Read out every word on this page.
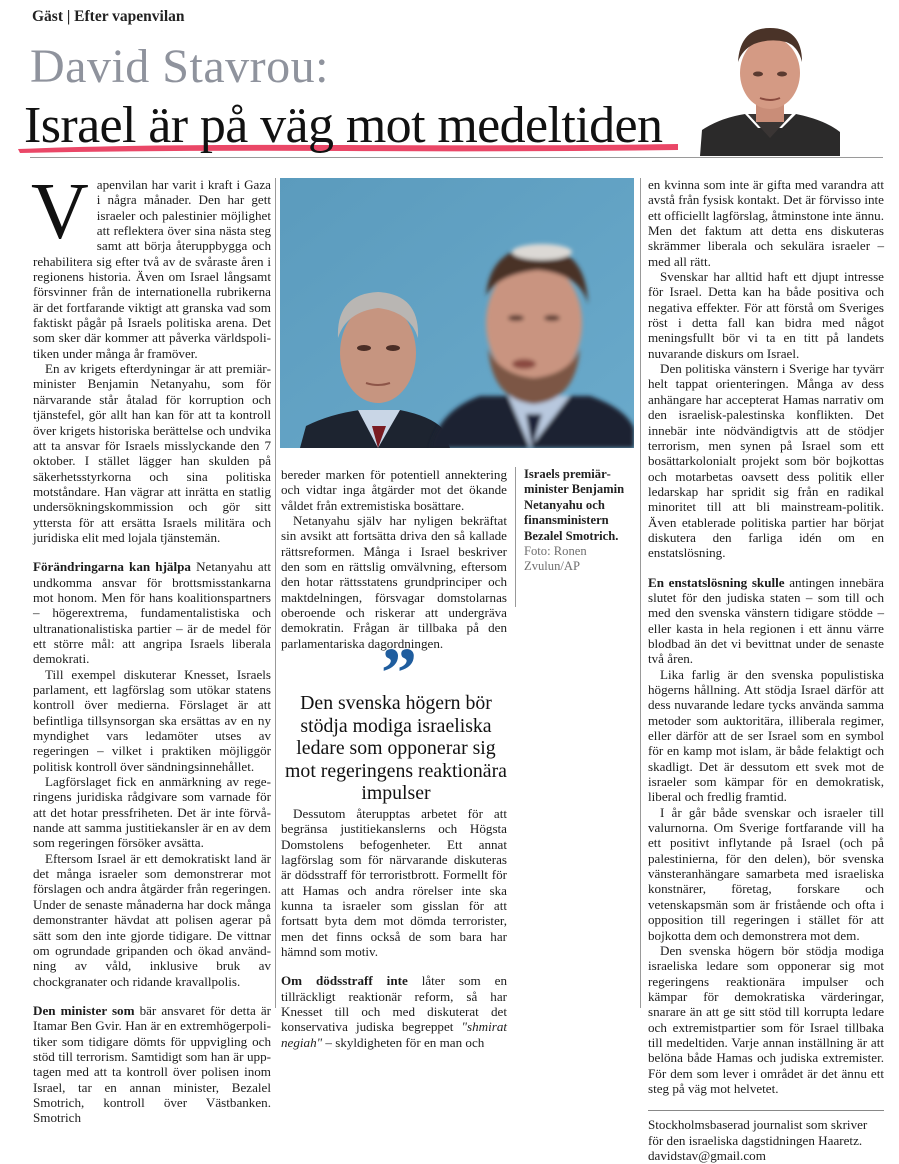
Gäst | Efter vapenvilan
David Stavrou:
Israel är på väg mot medeltiden

Vapenvilan har varit i kraft i Gaza i några månader. Den har gett israeler och palestinier möjlighet att reflektera över sina nästa steg samt att börja återuppbygga och rehabilitera sig efter två av de svåraste åren i regionens historia. Även om Israel långsamt försvinner från de internationella rubrikerna är det fortfarande viktigt att granska vad som faktiskt pågår på Israels politiska arena. Det som sker där kommer att påverka världspolitiken under många år framöver.

En av krigets efterdyningar är att premiärminister Benjamin Netanyahu, som för närvarande står åtalad för korruption och tjänstefel, gör allt han kan för att ta kontroll över krigets historiska berättelse och undvika att ta ansvar för Israels misslyckande den 7 oktober. I stället lägger han skulden på säkerhetsstyrkorna och sina politiska motståndare. Han vägrar att inrätta en statlig undersökningskommission och gör sitt yttersta för att ersätta Israels militära och juridiska elit med lojala tjänstemän.

Förändringarna kan hjälpa Netanyahu att undkomma ansvar för brottsmisstankarna mot honom. Men för hans koalitionspartners – högerextrema, fundamentalistiska och ultranationalistiska partier – är de medel för ett större mål: att angripa Israels liberala demokrati.

Till exempel diskuterar Knesset, Israels parlament, ett lagförslag som utökar statens kontroll över medierna. Förslaget är att befintliga tillsynsorgan ska ersättas av en ny myndighet vars ledamöter utses av regeringen – vilket i praktiken möjliggör politisk kontroll över sändningsinnehållet.

Lagförslaget fick en anmärkning av regeringens juridiska rådgivare som varnade för att det hotar pressfriheten. Det är inte förvånande att samma justitiekansler är en av dem som regeringen försöker avsätta.

Eftersom Israel är ett demokratiskt land är det många israeler som demonstrerar mot förslagen och andra åtgärder från regeringen. Under de senaste månaderna har dock många demonstranter hävdat att polisen agerar på sätt som den inte gjorde tidigare. De vittnar om ogrundade gripanden och ökad användning av våld, inklusive bruk av chockgranater och ridande kravallpolis.

Den minister som bär ansvaret för detta är Itamar Ben Gvir. Han är en extremhögerpolitiker som tidigare dömts för uppvigling och stöd till terrorism. Samtidigt som han är upptagen med att ta kontroll över polisen inom Israel, tar en annan minister, Bezalel Smotrich, kontroll över Västbanken. Smotrich

bereder marken för potentiell annektering och vidtar inga åtgärder mot det ökande våldet från extremistiska bosättare.

Netanyahu själv har nyligen bekräftat sin avsikt att fortsätta driva den så kallade rättsreformen. Många i Israel beskriver den som en rättslig omvälvning, eftersom den hotar rättsstatens grundprinciper och maktdelningen, försvagar domstolarnas oberoende och riskerar att undergräva demokratin. Frågan är tillbaka på den parlamentariska dagordningen.

”
Den svenska högern bör stödja modiga israeliska ledare som opponerar sig mot regeringens reaktionära impulser

Dessutom återupptas arbetet för att begränsa justitiekanslerns och Högsta Domstolens befogenheter. Ett annat lagförslag som för närvarande diskuteras är dödsstraff för terroristbrott. Formellt för att Hamas och andra rörelser inte ska kunna ta israeler som gisslan för att fortsatt byta dem mot dömda terrorister, men det finns också de som bara har hämnd som motiv.

Om dödsstraff inte låter som en tillräckligt reaktionär reform, så har Knesset till och med diskuterat det konservativa judiska begreppet "shmirat negiah" – skyldigheten för en man och

Israels premiärminister Benjamin Netanyahu och finansministern Bezalel Smotrich.
Foto: Ronen Zvulun/AP

en kvinna som inte är gifta med varandra att avstå från fysisk kontakt. Det är förvisso inte ett officiellt lagförslag, åtminstone inte ännu. Men det faktum att detta ens diskuteras skrämmer liberala och sekulära israeler – med all rätt.

Svenskar har alltid haft ett djupt intresse för Israel. Detta kan ha både positiva och negativa effekter. För att förstå om Sveriges röst i detta fall kan bidra med något meningsfullt bör vi ta en titt på landets nuvarande diskurs om Israel.

Den politiska vänstern i Sverige har tyvärr helt tappat orienteringen. Många av dess anhängare har accepterat Hamas narrativ om den israelisk-palestinska konflikten. Det innebär inte nödvändigtvis att de stödjer terrorism, men synen på Israel som ett bosättarkolonialt projekt som bör bojkottas och motarbetas oavsett dess politik eller ledarskap har spridit sig från en radikal minoritet till att bli mainstream-politik. Även etablerade politiska partier har börjat diskutera den farliga idén om en enstatslösning.

En enstatslösning skulle antingen innebära slutet för den judiska staten – som till och med den svenska vänstern tidigare stödde – eller kasta in hela regionen i ett ännu värre blodbad än det vi bevittnat under de senaste två åren.

Lika farlig är den svenska populistiska högerns hållning. Att stödja Israel därför att dess nuvarande ledare tycks använda samma metoder som auktoritära, illiberala regimer, eller därför att de ser Israel som en symbol för en kamp mot islam, är både felaktigt och skadligt. Det är dessutom ett svek mot de israeler som kämpar för en demokratisk, liberal och fredlig framtid.

I år går både svenskar och israeler till valurnorna. Om Sverige fortfarande vill ha ett positivt inflytande på Israel (och på palestinierna, för den delen), bör svenska vänsteranhängare samarbeta med israeliska konstnärer, företag, forskare och vetenskapsmän som är fristående och ofta i opposition till regeringen i stället för att bojkotta dem och demonstrera mot dem.

Den svenska högern bör stödja modiga israeliska ledare som opponerar sig mot regeringens reaktionära impulser och kämpar för demokratiska värderingar, snarare än att ge sitt stöd till korrupta ledare och extremistpartier som för Israel tillbaka till medeltiden. Varje annan inställning är att belöna både Hamas och judiska extremister. För dem som lever i området är det ännu ett steg på väg mot helvetet.

Stockholmsbaserad journalist som skriver för den israeliska dagstidningen Haaretz.

davidstav@gmail.com
